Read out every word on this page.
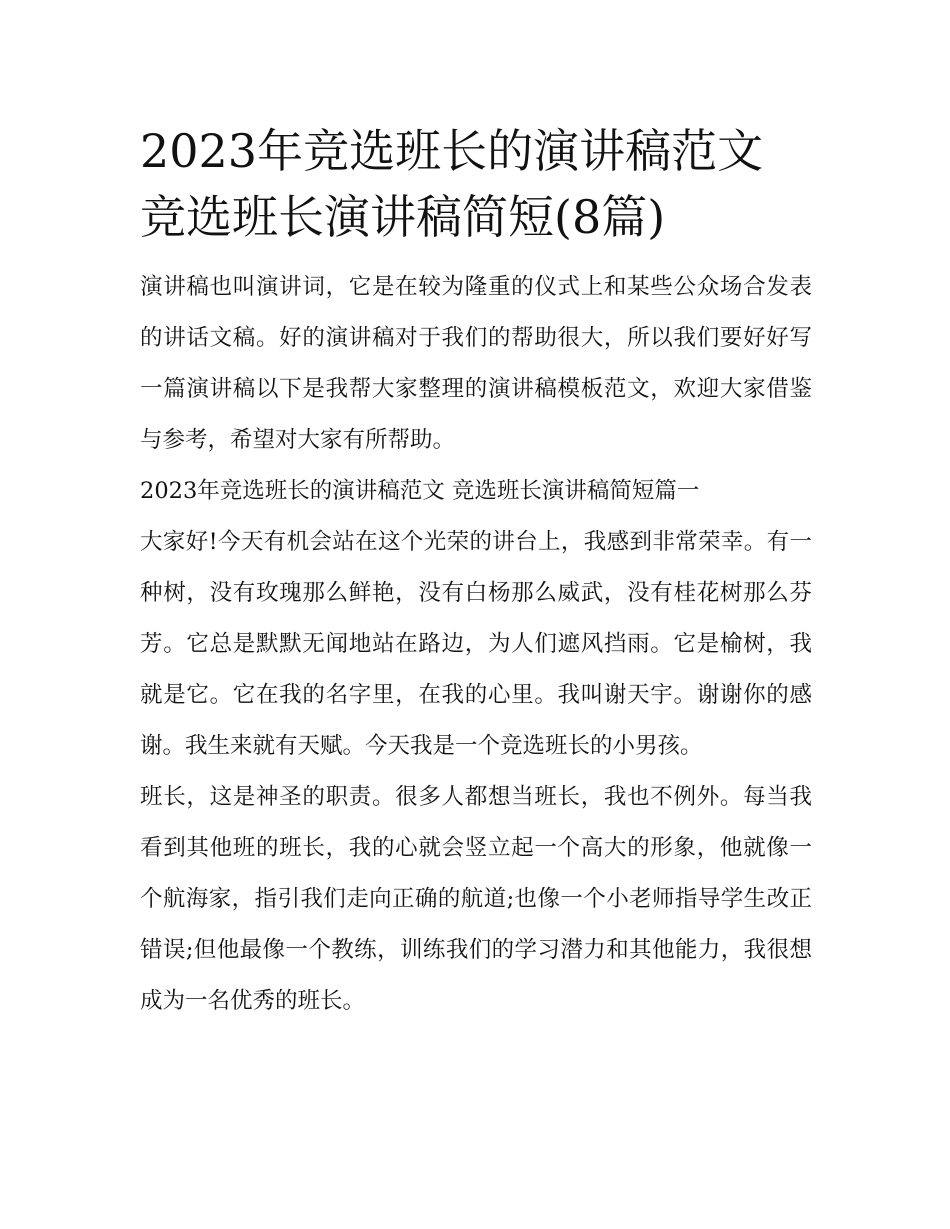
2023年竞选班长的演讲稿范文
竞选班长演讲稿简短(8篇)

演讲稿也叫演讲词，它是在较为隆重的仪式上和某些公众场合发表的讲话文稿。好的演讲稿对于我们的帮助很大，所以我们要好好写一篇演讲稿以下是我帮大家整理的演讲稿模板范文，欢迎大家借鉴与参考，希望对大家有所帮助。

2023年竞选班长的演讲稿范文 竞选班长演讲稿简短篇一

大家好!今天有机会站在这个光荣的讲台上，我感到非常荣幸。有一种树，没有玫瑰那么鲜艳，没有白杨那么威武，没有桂花树那么芬芳。它总是默默无闻地站在路边，为人们遮风挡雨。它是榆树，我就是它。它在我的名字里，在我的心里。我叫谢天宇。谢谢你的感谢。我生来就有天赋。今天我是一个竞选班长的小男孩。

班长，这是神圣的职责。很多人都想当班长，我也不例外。每当我看到其他班的班长，我的心就会竖立起一个高大的形象，他就像一个航海家，指引我们走向正确的航道;也像一个小老师指导学生改正错误;但他最像一个教练，训练我们的学习潜力和其他能力，我很想成为一名优秀的班长。
